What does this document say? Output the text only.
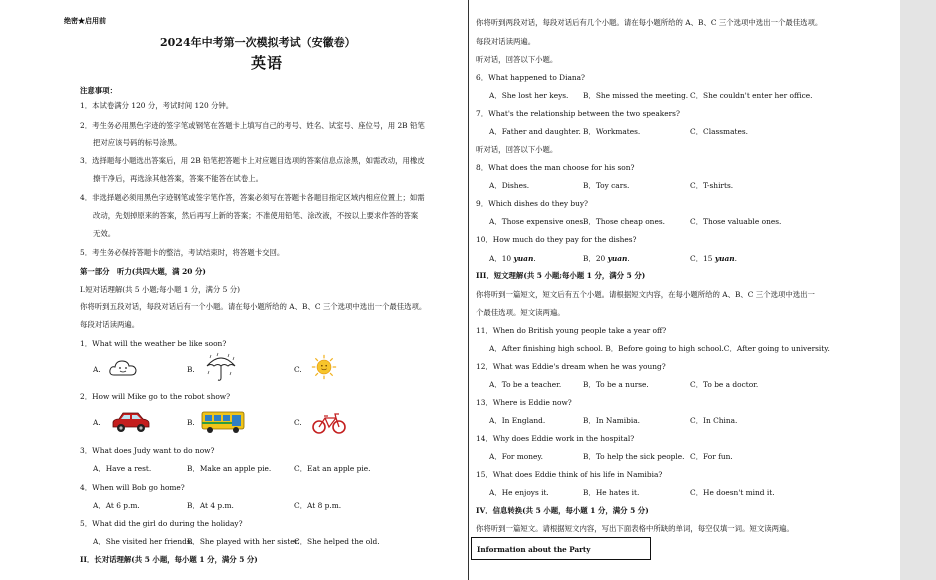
绝密★启用前
2024年中考第一次模拟考试（安徽卷）
英语
注意事项：
1．本试卷满分 120 分，考试时间 120 分钟。
2．考生务必用黑色字迹的签字笔或钢笔在答题卡上填写自己的考号、姓名、试室号、座位号，用 2B 铅笔
把对应该号码的标号涂黑。
3．选择题每小题选出答案后，用 2B 铅笔把答题卡上对应题目选项的答案信息点涂黑，如需改动，用橡皮
擦干净后，再选涂其他答案，答案不能答在试卷上。
4．非选择题必须用黑色字迹钢笔或签字笔作答，答案必须写在答题卡各题目指定区域内相应位置上；如需
改动，先划掉原来的答案，然后再写上新的答案；不准使用铅笔、涂改液，不按以上要求作答的答案
无效。
5．考生务必保持答题卡的整洁，考试结束时，将答题卡交回。
第一部分　听力(共四大题，满 20 分)
I.短对话理解(共 5 小题;每小题 1 分，满分 5 分)
你将听到五段对话，每段对话后有一个小题。请在每小题所给的 A、B、C 三个选项中选出一个最佳选项。
每段对话读两遍。
1．What will the weather be like soon?
A.	B.	C.
2．How will Mike go to the robot show?
A.	B.	C.
3．What does Judy want to do now?
A．Have a rest.	B．Make an apple pie.	C．Eat an apple pie.
4．When will Bob go home?
A．At 6 p.m.	B．At 4 p.m.	C．At 8 p.m.
5．What did the girl do during the holiday?
A．She visited her friends.
B．She played with her sister.
C．She helped the old.
II．长对话理解(共 5 小题，每小题 1 分，满分 5 分)
你将听到两段对话，每段对话后有几个小题。请在每小题所给的 A、B、C 三个选项中选出一个最佳选项。
每段对话读两遍。
听对话，回答以下小题。
6．What happened to Diana?
A．She lost her keys. B．She missed the meeting. C．She couldn't enter her office.
7．What's the relationship between the two speakers?
A．Father and daughter. B．Workmates.	C．Classmates.
听对话，回答以下小题。
8．What does the man choose for his son?
A．Dishes.	B．Toy cars.	C．T-shirts.
9．Which dishes do they buy?
A．Those expensive ones.
B．Those cheap ones.	C．Those valuable ones.
10．How much do they pay for the dishes?
A．10 yuan.	B．20 yuan.	C．15 yuan.
III．短文理解(共 5 小题;每小题 1 分，满分 5 分)
你将听到一篇短文，短文后有五个小题。请根据短文内容，在每小题所给的 A、B、C 三个选项中选出一
个最佳选项。短文读两遍。
11．When do British young people take a year off?
A．After finishing high school. B．Before going to high school.C．After going to university.
12．What was Eddie's dream when he was young?
A．To be a teacher.	B．To be a nurse.	C．To be a doctor.
13．Where is Eddie now?
A．In England.	B．In Namibia.	C．In China.
14．Why does Eddie work in the hospital?
A．For money.	B．To help the sick people. C．For fun.
15．What does Eddie think of his life in Namibia?
A．He enjoys it.	B．He hates it.	C．He doesn't mind it.
IV．信息转换(共 5 小题，每小题 1 分，满分 5 分)
你将听到一篇短文。请根据短文内容，写出下面表格中所缺的单词，每空仅填一词。短文读两遍。
Information about the Party
